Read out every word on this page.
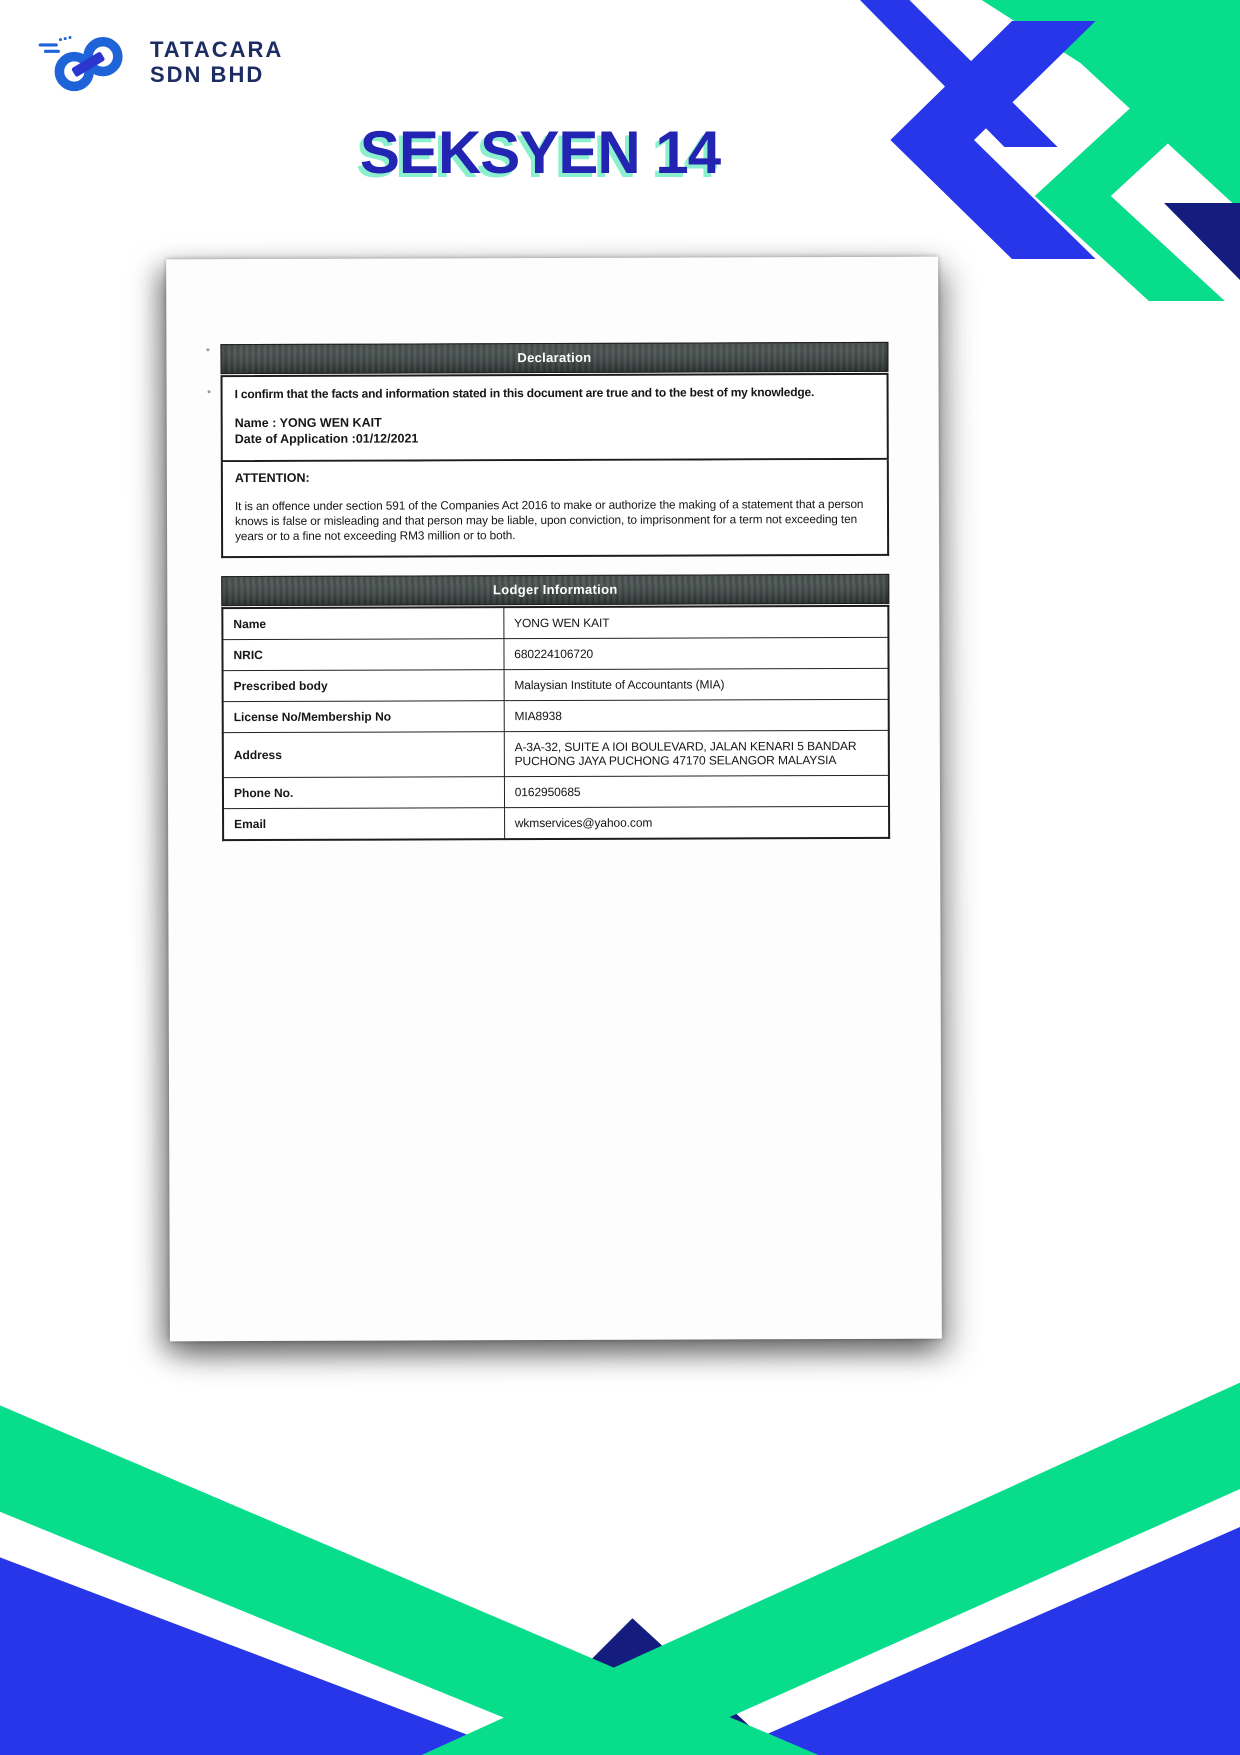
TATACARA
SDN BHD
SEKSYEN 14
Declaration

I confirm that the facts and information stated in this document are true and to the best of my knowledge.

Name : YONG WEN KAIT

Date of Application :01/12/2021

ATTENTION:

It is an offence under section 591 of the Companies Act 2016 to make or authorize the making of a statement that a person knows is false or misleading and that person may be liable, upon conviction, to imprisonment for a term not exceeding ten years or to a fine not exceeding RM3 million or to both.

Lodger Information
Name	YONG WEN KAIT
NRIC	680224106720
Prescribed body	Malaysian Institute of Accountants (MIA)
License No/Membership No	MIA8938
Address	A-3A-32, SUITE A IOI BOULEVARD, JALAN KENARI 5 BANDAR PUCHONG JAYA PUCHONG 47170 SELANGOR MALAYSIA
Phone No.	0162950685
Email	wkmservices@yahoo.com
